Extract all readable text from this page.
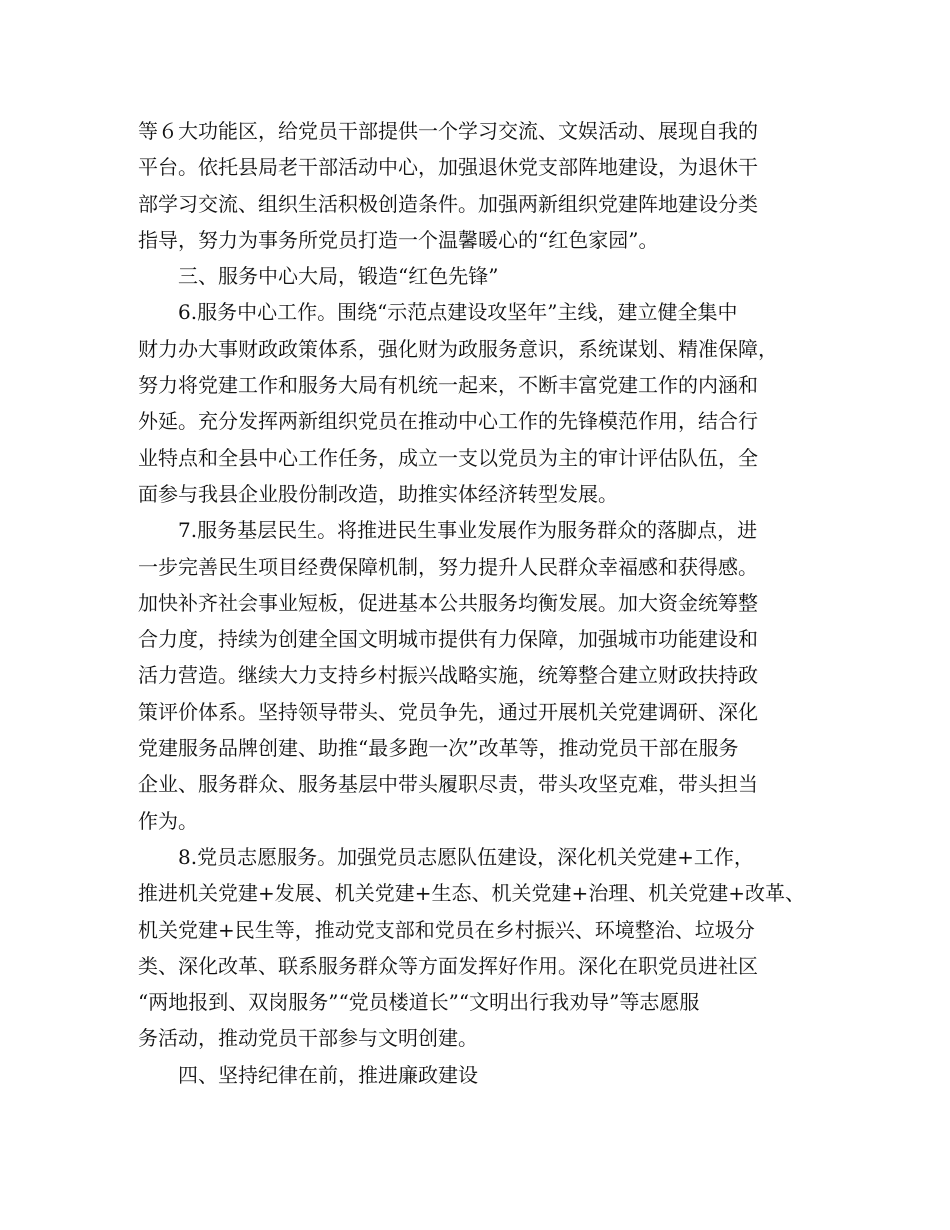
等６大功能区，给党员干部提供一个学习交流、文娱活动、展现自我的
平台。依托县局老干部活动中心，加强退休党支部阵地建设，为退休干
部学习交流、组织生活积极创造条件。加强两新组织党建阵地建设分类
指导，努力为事务所党员打造一个温馨暖心的“红色家园”。
三、服务中心大局，锻造“红色先锋”
6.服务中心工作。围绕“示范点建设攻坚年”主线，建立健全集中
财力办大事财政政策体系，强化财为政服务意识，系统谋划、精准保障，
努力将党建工作和服务大局有机统一起来，不断丰富党建工作的内涵和
外延。充分发挥两新组织党员在推动中心工作的先锋模范作用，结合行
业特点和全县中心工作任务，成立一支以党员为主的审计评估队伍，全
面参与我县企业股份制改造，助推实体经济转型发展。
7.服务基层民生。将推进民生事业发展作为服务群众的落脚点，进
一步完善民生项目经费保障机制，努力提升人民群众幸福感和获得感。
加快补齐社会事业短板，促进基本公共服务均衡发展。加大资金统筹整
合力度，持续为创建全国文明城市提供有力保障，加强城市功能建设和
活力营造。继续大力支持乡村振兴战略实施，统筹整合建立财政扶持政
策评价体系。坚持领导带头、党员争先，通过开展机关党建调研、深化
党建服务品牌创建、助推“最多跑一次”改革等，推动党员干部在服务
企业、服务群众、服务基层中带头履职尽责，带头攻坚克难，带头担当
作为。
8.党员志愿服务。加强党员志愿队伍建设，深化机关党建+工作，
推进机关党建+发展、机关党建+生态、机关党建+治理、机关党建+改革、
机关党建+民生等，推动党支部和党员在乡村振兴、环境整治、垃圾分
类、深化改革、联系服务群众等方面发挥好作用。深化在职党员进社区
“两地报到、双岗服务”“党员楼道长”“文明出行我劝导”等志愿服
务活动，推动党员干部参与文明创建。
四、坚持纪律在前，推进廉政建设
